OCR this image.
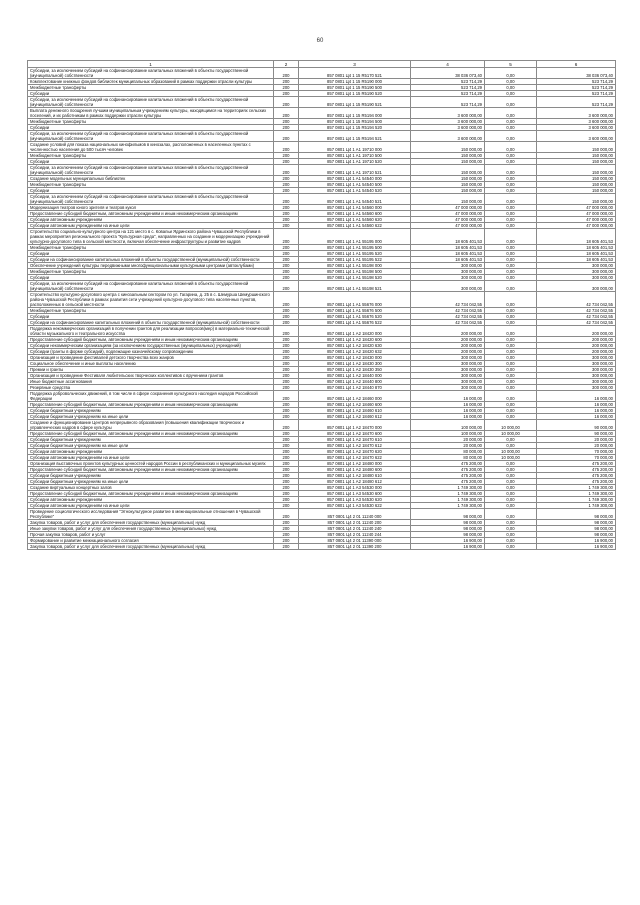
60
1	2	3	4	5	6
Субсидии, за исключением субсидий на софинансирование капитальных вложений в объекты государственной (муниципальной) собственности	200	857 0801 Ц4 1 15 R5170 521	38 036 073,40	0,00	38 036 073,40
Комплектование книжных фондов библиотек муниципальных образований в рамках поддержки отрасли культуры	200	857 0801 Ц4 1 15 R5190 000	523 714,29	0,00	523 714,29
Межбюджетные трансферты	200	857 0801 Ц4 1 15 R5190 500	523 714,29	0,00	523 714,29
Субсидии	200	857 0801 Ц4 1 15 R5190 520	523 714,29	0,00	523 714,29
Субсидии, за исключением субсидий на софинансирование капитальных вложений в объекты государственной (муниципальной) собственности	200	857 0801 Ц4 1 15 R5190 521	523 714,29	0,00	523 714,29
Выплата денежного поощрения лучшим муниципальным учреждениям культуры, находящимся на территориях сельских поселений, и их работникам в рамках поддержки отрасли культуры	200	857 0801 Ц4 1 15 R5194 000	3 600 000,00	0,00	3 600 000,00
Межбюджетные трансферты	200	857 0801 Ц4 1 15 R5194 500	3 600 000,00	0,00	3 600 000,00
Субсидии	200	857 0801 Ц4 1 15 R5194 520	3 600 000,00	0,00	3 600 000,00
Субсидии, за исключением субсидий на софинансирование капитальных вложений в объекты государственной (муниципальной) собственности	200	857 0801 Ц4 1 15 R5194 521	3 600 000,00	0,00	3 600 000,00
Создание условий для показа национальных кинофильмов в кинозалах, расположенных в населенных пунктах с численностью населения до 500 тысяч человек	200	857 0801 Ц4 1 А1 19710 000	150 000,00	0,00	150 000,00
Межбюджетные трансферты	200	857 0801 Ц4 1 А1 19710 500	150 000,00	0,00	150 000,00
Субсидии	200	857 0801 Ц4 1 А1 19710 520	150 000,00	0,00	150 000,00
Субсидии, за исключением субсидий на софинансирование капитальных вложений в объекты государственной (муниципальной) собственности	200	857 0801 Ц4 1 А1 19710 521	150 000,00	0,00	150 000,00
Создание модельных муниципальных библиотек	200	857 0801 Ц4 1 А1 54540 000	150 000,00	0,00	150 000,00
Межбюджетные трансферты	200	857 0801 Ц4 1 А1 54540 500	150 000,00	0,00	150 000,00
Субсидии	200	857 0801 Ц4 1 А1 54540 520	150 000,00	0,00	150 000,00
Субсидии, за исключением субсидий на софинансирование капитальных вложений в объекты государственной (муниципальной) собственности	200	857 0801 Ц4 1 А1 54540 521	150 000,00	0,00	150 000,00
Модернизация театров юного зрителя и театров кукол	200	857 0801 Ц4 1 А1 54560 000	47 000 000,00	0,00	47 000 000,00
Предоставление субсидий бюджетным, автономным учреждениям и иным некоммерческим организациям	200	857 0801 Ц4 1 А1 54560 600	47 000 000,00	0,00	47 000 000,00
Субсидии автономным учреждениям	200	857 0801 Ц4 1 А1 54560 620	47 000 000,00	0,00	47 000 000,00
Субсидии автономным учреждениям на иные цели	200	857 0801 Ц4 1 А1 54560 622	47 000 000,00	0,00	47 000 000,00
Строительство социально-культурного центра на 121 место в с. Ковальи Ядринского района Чувашской Республики в рамках мероприятия регионального проекта "Культурная среда", направленных на создание и модернизацию учреждений культурно-досугового типа в сельской местности, включая обеспечение инфраструктуры и развитие кадров	200	857 0801 Ц4 1 А1 55195 000	18 605 401,53	0,00	18 605 401,53
Межбюджетные трансферты	200	857 0801 Ц4 1 А1 55195 500	18 605 401,53	0,00	18 605 401,53
Субсидии	200	857 0801 Ц4 1 А1 55195 520	18 605 401,53	0,00	18 605 401,53
Субсидии на софинансирование капитальных вложений в объекты государственной (муниципальной) собственности	200	857 0801 Ц4 1 А1 55195 522	18 605 401,53	0,00	18 605 401,53
Обеспечение учреждений культуры передвижными многофункциональными культурными центрами (автоклубами)	200	857 0801 Ц4 1 А1 55198 000	300 000,00	0,00	300 000,00
Межбюджетные трансферты	200	857 0801 Ц4 1 А1 55198 500	300 000,00	0,00	300 000,00
Субсидии	200	857 0801 Ц4 1 А1 55198 520	300 000,00	0,00	300 000,00
Субсидии, за исключением субсидий на софинансирование капитальных вложений в объекты государственной (муниципальной) собственности	200	857 0801 Ц4 1 А1 55198 521	300 000,00	0,00	300 000,00
Строительство культурно-досугового центра с кинозальным сектором по ул. Гагарина, д. 25 в с. Шемурша Шемуршинского района Чувашской Республики в рамках развития сети учреждений культурно-досугового типа населенных пунктов, расположенных в сельской местности	200	857 0801 Ц4 1 А1 55676 000	42 734 042,55	0,00	42 734 042,55
Межбюджетные трансферты	200	857 0801 Ц4 1 А1 55676 500	42 734 042,55	0,00	42 734 042,55
Субсидии	200	857 0801 Ц4 1 А1 55676 520	42 734 042,55	0,00	42 734 042,55
Субсидии на софинансирование капитальных вложений в объекты государственной (муниципальной) собственности	200	857 0801 Ц4 1 А1 55676 522	42 734 042,55	0,00	42 734 042,55
Поддержка некоммерческих организаций в получении грантов для реализации вопросов(мер) в материально-технической области музыкального и театрального искусства	200	857 0801 Ц4 1 А2 18420 000	200 000,00	0,00	200 000,00
Предоставление субсидий бюджетным, автономным учреждениям и иным некоммерческим организациям	200	857 0801 Ц4 1 А2 18420 600	200 000,00	0,00	200 000,00
Субсидии некоммерческим организациям (за исключением государственных (муниципальных) учреждений)	200	857 0801 Ц4 1 А2 18420 630	200 000,00	0,00	200 000,00
Субсидии (гранты в форме субсидий), подлежащие казначейскому сопровождению	200	857 0801 Ц4 1 А2 18420 632	200 000,00	0,00	200 000,00
Организация и проведение фестивалей детского творчества всех жанров	200	857 0801 Ц4 1 А2 18430 000	300 000,00	0,00	300 000,00
Социальное обеспечение и иные выплаты населению	200	857 0801 Ц4 1 А2 18430 300	300 000,00	0,00	300 000,00
Премии и гранты	200	857 0801 Ц4 1 А2 18430 350	300 000,00	0,00	300 000,00
Организация и проведение Фестиваля любительских творческих коллективов с вручением грантов	200	857 0801 Ц4 1 А2 18440 000	300 000,00	0,00	300 000,00
Иные бюджетные ассигнования	200	857 0801 Ц4 1 А2 18440 800	300 000,00	0,00	300 000,00
Резервные средства	200	857 0801 Ц4 1 А2 18440 870	300 000,00	0,00	300 000,00
Поддержка добровольческих движений, в том числе в сфере сохранения культурного наследия народов Российской Федерации	200	857 0801 Ц4 1 А2 18460 000	16 000,00	0,00	16 000,00
Предоставление субсидий бюджетным, автономным учреждениям и иным некоммерческим организациям	200	857 0801 Ц4 1 А2 18460 600	16 000,00	0,00	16 000,00
Субсидии бюджетным учреждениям	200	857 0801 Ц4 1 А2 18460 610	16 000,00	0,00	16 000,00
Субсидии бюджетным учреждениям на иные цели	200	857 0801 Ц4 1 А2 18460 612	16 000,00	0,00	16 000,00
Создание и функционирование Центров непрерывного образования (повышения квалификации творческих и управленческих кадров в сфере культуры	200	857 0801 Ц4 1 А2 18470 000	100 000,00	10 000,00	90 000,00
Предоставление субсидий бюджетным, автономным учреждениям и иным некоммерческим организациям	200	857 0801 Ц4 1 А2 18470 600	100 000,00	10 000,00	90 000,00
Субсидии бюджетным учреждениям	200	857 0801 Ц4 1 А2 18470 610	20 000,00	0,00	20 000,00
Субсидии бюджетным учреждениям на иные цели	200	857 0801 Ц4 1 А2 18470 612	20 000,00	0,00	20 000,00
Субсидии автономным учреждениям	200	857 0801 Ц4 1 А2 18470 620	80 000,00	10 000,00	70 000,00
Субсидии автономным учреждениям на иные цели	200	857 0801 Ц4 1 А2 18470 622	80 000,00	10 000,00	70 000,00
Организация выставочных проектов культурных ценностей народов России в республиканских и муниципальных музеях	200	857 0801 Ц4 1 А2 18480 000	475 200,00	0,00	475 200,00
Предоставление субсидий бюджетным, автономным учреждениям и иным некоммерческим организациям	200	857 0801 Ц4 1 А2 18480 600	475 200,00	0,00	475 200,00
Субсидии бюджетным учреждениям	200	857 0801 Ц4 1 А2 18480 610	475 200,00	0,00	475 200,00
Субсидии бюджетным учреждениям на иные цели	200	857 0801 Ц4 1 А2 18480 612	475 200,00	0,00	475 200,00
Создание виртуальных концертных залов	200	857 0801 Ц4 1 А3 54530 000	1 749 300,00	0,00	1 749 300,00
Предоставление субсидий бюджетным, автономным учреждениям и иным некоммерческим организациям	200	857 0801 Ц4 1 А3 54530 600	1 749 300,00	0,00	1 749 300,00
Субсидии автономным учреждениям	200	857 0801 Ц4 1 А3 54530 620	1 749 300,00	0,00	1 749 300,00
Субсидии автономным учреждениям на иные цели	200	857 0801 Ц4 1 А3 54530 622	1 749 300,00	0,00	1 749 300,00
Проведение социологического исследования "Этнокультурное развитие в межнациональные отношения в Чувашской Республике"	200	857 0801 Ц4 2 01 11240 000	98 000,00	0,00	98 000,00
Закупка товаров, работ и услуг для обеспечения государственных (муниципальных) нужд	200	857 0801 Ц4 2 01 11240 200	98 000,00	0,00	98 000,00
Иные закупки товаров, работ и услуг для обеспечения государственных (муниципальных) нужд	200	857 0801 Ц4 2 01 11240 240	98 000,00	0,00	98 000,00
Прочая закупка товаров, работ и услуг	200	857 0801 Ц4 2 01 11240 244	98 000,00	0,00	98 000,00
Формирование и развитие межнационального согласия	200	857 0801 Ц4 2 01 11390 000	16 900,00	0,00	16 900,00
Закупка товаров, работ и услуг для обеспечения государственных (муниципальных) нужд	200	857 0801 Ц4 2 01 11390 200	16 900,00	0,00	16 900,00
